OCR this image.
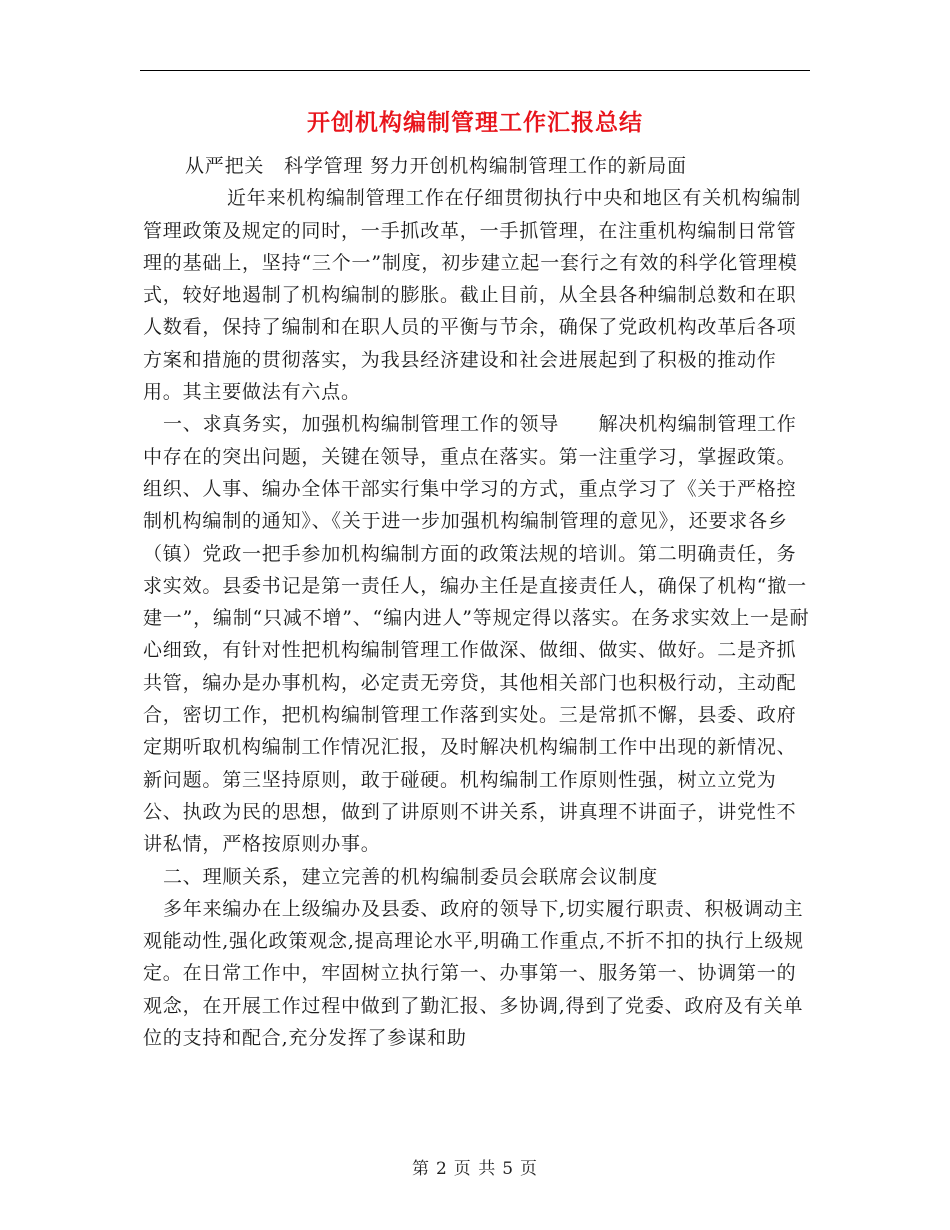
开创机构编制管理工作汇报总结

从严把关　科学管理 努力开创机构编制管理工作的新局面

近年来机构编制管理工作在仔细贯彻执行中央和地区有关机构编制管理政策及规定的同时，一手抓改革，一手抓管理，在注重机构编制日常管理的基础上，坚持“三个一”制度，初步建立起一套行之有效的科学化管理模式，较好地遏制了机构编制的膨胀。截止目前，从全县各种编制总数和在职人数看，保持了编制和在职人员的平衡与节余，确保了党政机构改革后各项方案和措施的贯彻落实，为我县经济建设和社会进展起到了积极的推动作用。其主要做法有六点。

一、求真务实，加强机构编制管理工作的领导　　解决机构编制管理工作中存在的突出问题，关键在领导，重点在落实。第一注重学习，掌握政策。组织、人事、编办全体干部实行集中学习的方式，重点学习了《关于严格控制机构编制的通知》、《关于进一步加强机构编制管理的意见》，还要求各乡（镇）党政一把手参加机构编制方面的政策法规的培训。第二明确责任，务求实效。县委书记是第一责任人，编办主任是直接责任人，确保了机构“撤一建一”，编制“只减不增”、“编内进人”等规定得以落实。在务求实效上一是耐心细致，有针对性把机构编制管理工作做深、做细、做实、做好。二是齐抓共管，编办是办事机构，必定责无旁贷，其他相关部门也积极行动，主动配合，密切工作，把机构编制管理工作落到实处。三是常抓不懈，县委、政府定期听取机构编制工作情况汇报，及时解决机构编制工作中出现的新情况、新问题。第三坚持原则，敢于碰硬。机构编制工作原则性强，树立立党为公、执政为民的思想，做到了讲原则不讲关系，讲真理不讲面子，讲党性不讲私情，严格按原则办事。

二、理顺关系，建立完善的机构编制委员会联席会议制度

多年来编办在上级编办及县委、政府的领导下,切实履行职责、积极调动主观能动性,强化政策观念,提高理论水平,明确工作重点,不折不扣的执行上级规定。在日常工作中，牢固树立执行第一、办事第一、服务第一、协调第一的观念，在开展工作过程中做到了勤汇报、多协调,得到了党委、政府及有关单位的支持和配合,充分发挥了参谋和助

第 2 页 共 5 页
